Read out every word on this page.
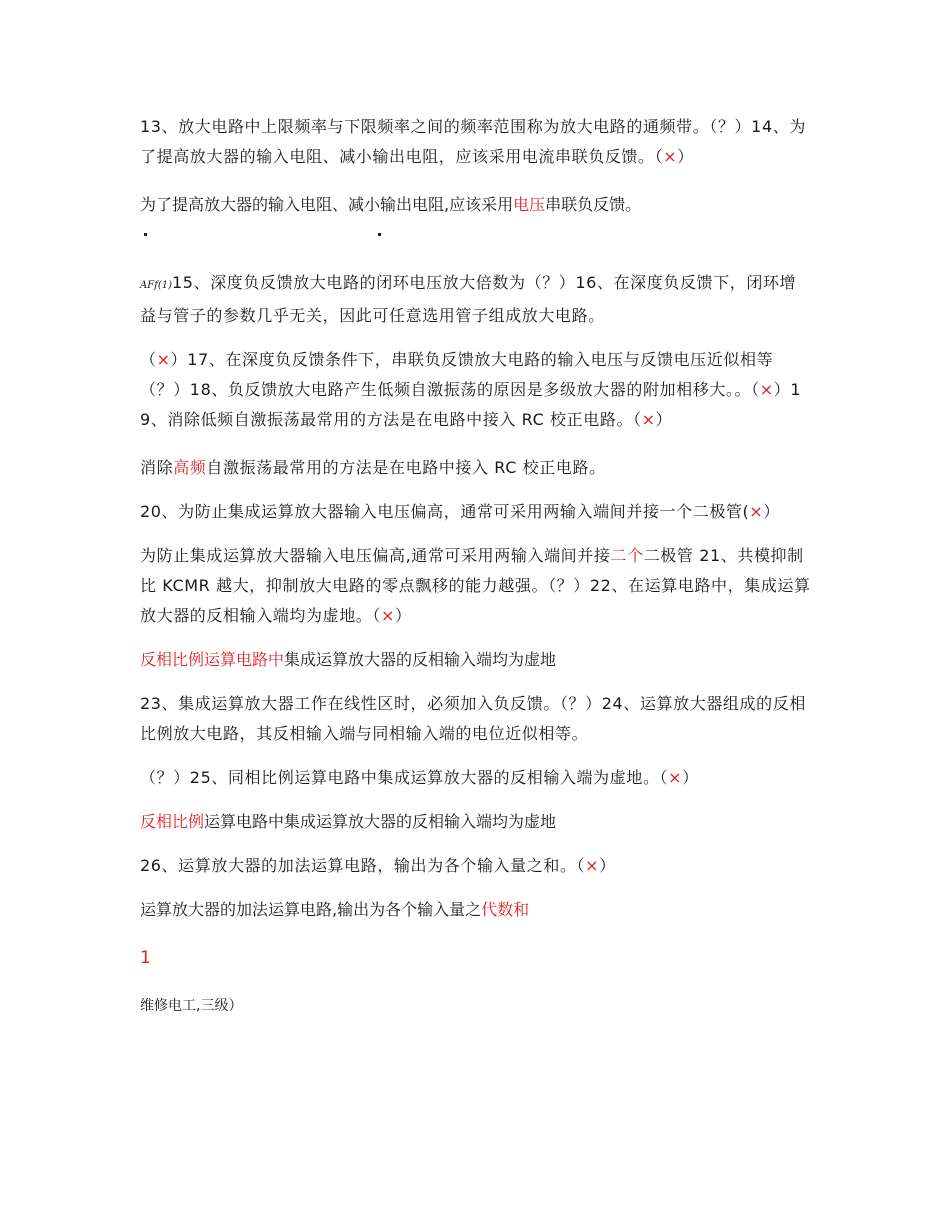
13、放大电路中上限频率与下限频率之间的频率范围称为放大电路的通频带。（？）14、为了提高放大器的输入电阻、减小输出电阻，应该采用电流串联负反馈。（×）

为了提高放大器的输入电阻、减小输出电阻,应该采用电压串联负反馈。

AF𝑓(1)15、深度负反馈放大电路的闭环电压放大倍数为（？）16、在深度负反馈下，闭环增益与管子的参数几乎无关，因此可任意选用管子组成放大电路。

（×）17、在深度负反馈条件下，串联负反馈放大电路的输入电压与反馈电压近似相等（？）18、负反馈放大电路产生低频自激振荡的原因是多级放大器的附加相移大。。（×）19、消除低频自激振荡最常用的方法是在电路中接入 RC 校正电路。（×）

消除高频自激振荡最常用的方法是在电路中接入 RC 校正电路。

20、为防止集成运算放大器输入电压偏高，通常可采用两输入端间并接一个二极管(×）

为防止集成运算放大器输入电压偏高,通常可采用两输入端间并接二个二极管 21、共模抑制比 KCMR 越大，抑制放大电路的零点飘移的能力越强。（？）22、在运算电路中，集成运算放大器的反相输入端均为虚地。（×）

反相比例运算电路中集成运算放大器的反相输入端均为虚地

23、集成运算放大器工作在线性区时，必须加入负反馈。（？）24、运算放大器组成的反相比例放大电路，其反相输入端与同相输入端的电位近似相等。

（？）25、同相比例运算电路中集成运算放大器的反相输入端为虚地。（×）

反相比例运算电路中集成运算放大器的反相输入端均为虚地

26、运算放大器的加法运算电路，输出为各个输入量之和。（×）

运算放大器的加法运算电路,输出为各个输入量之代数和

1

维修电工,三级）
